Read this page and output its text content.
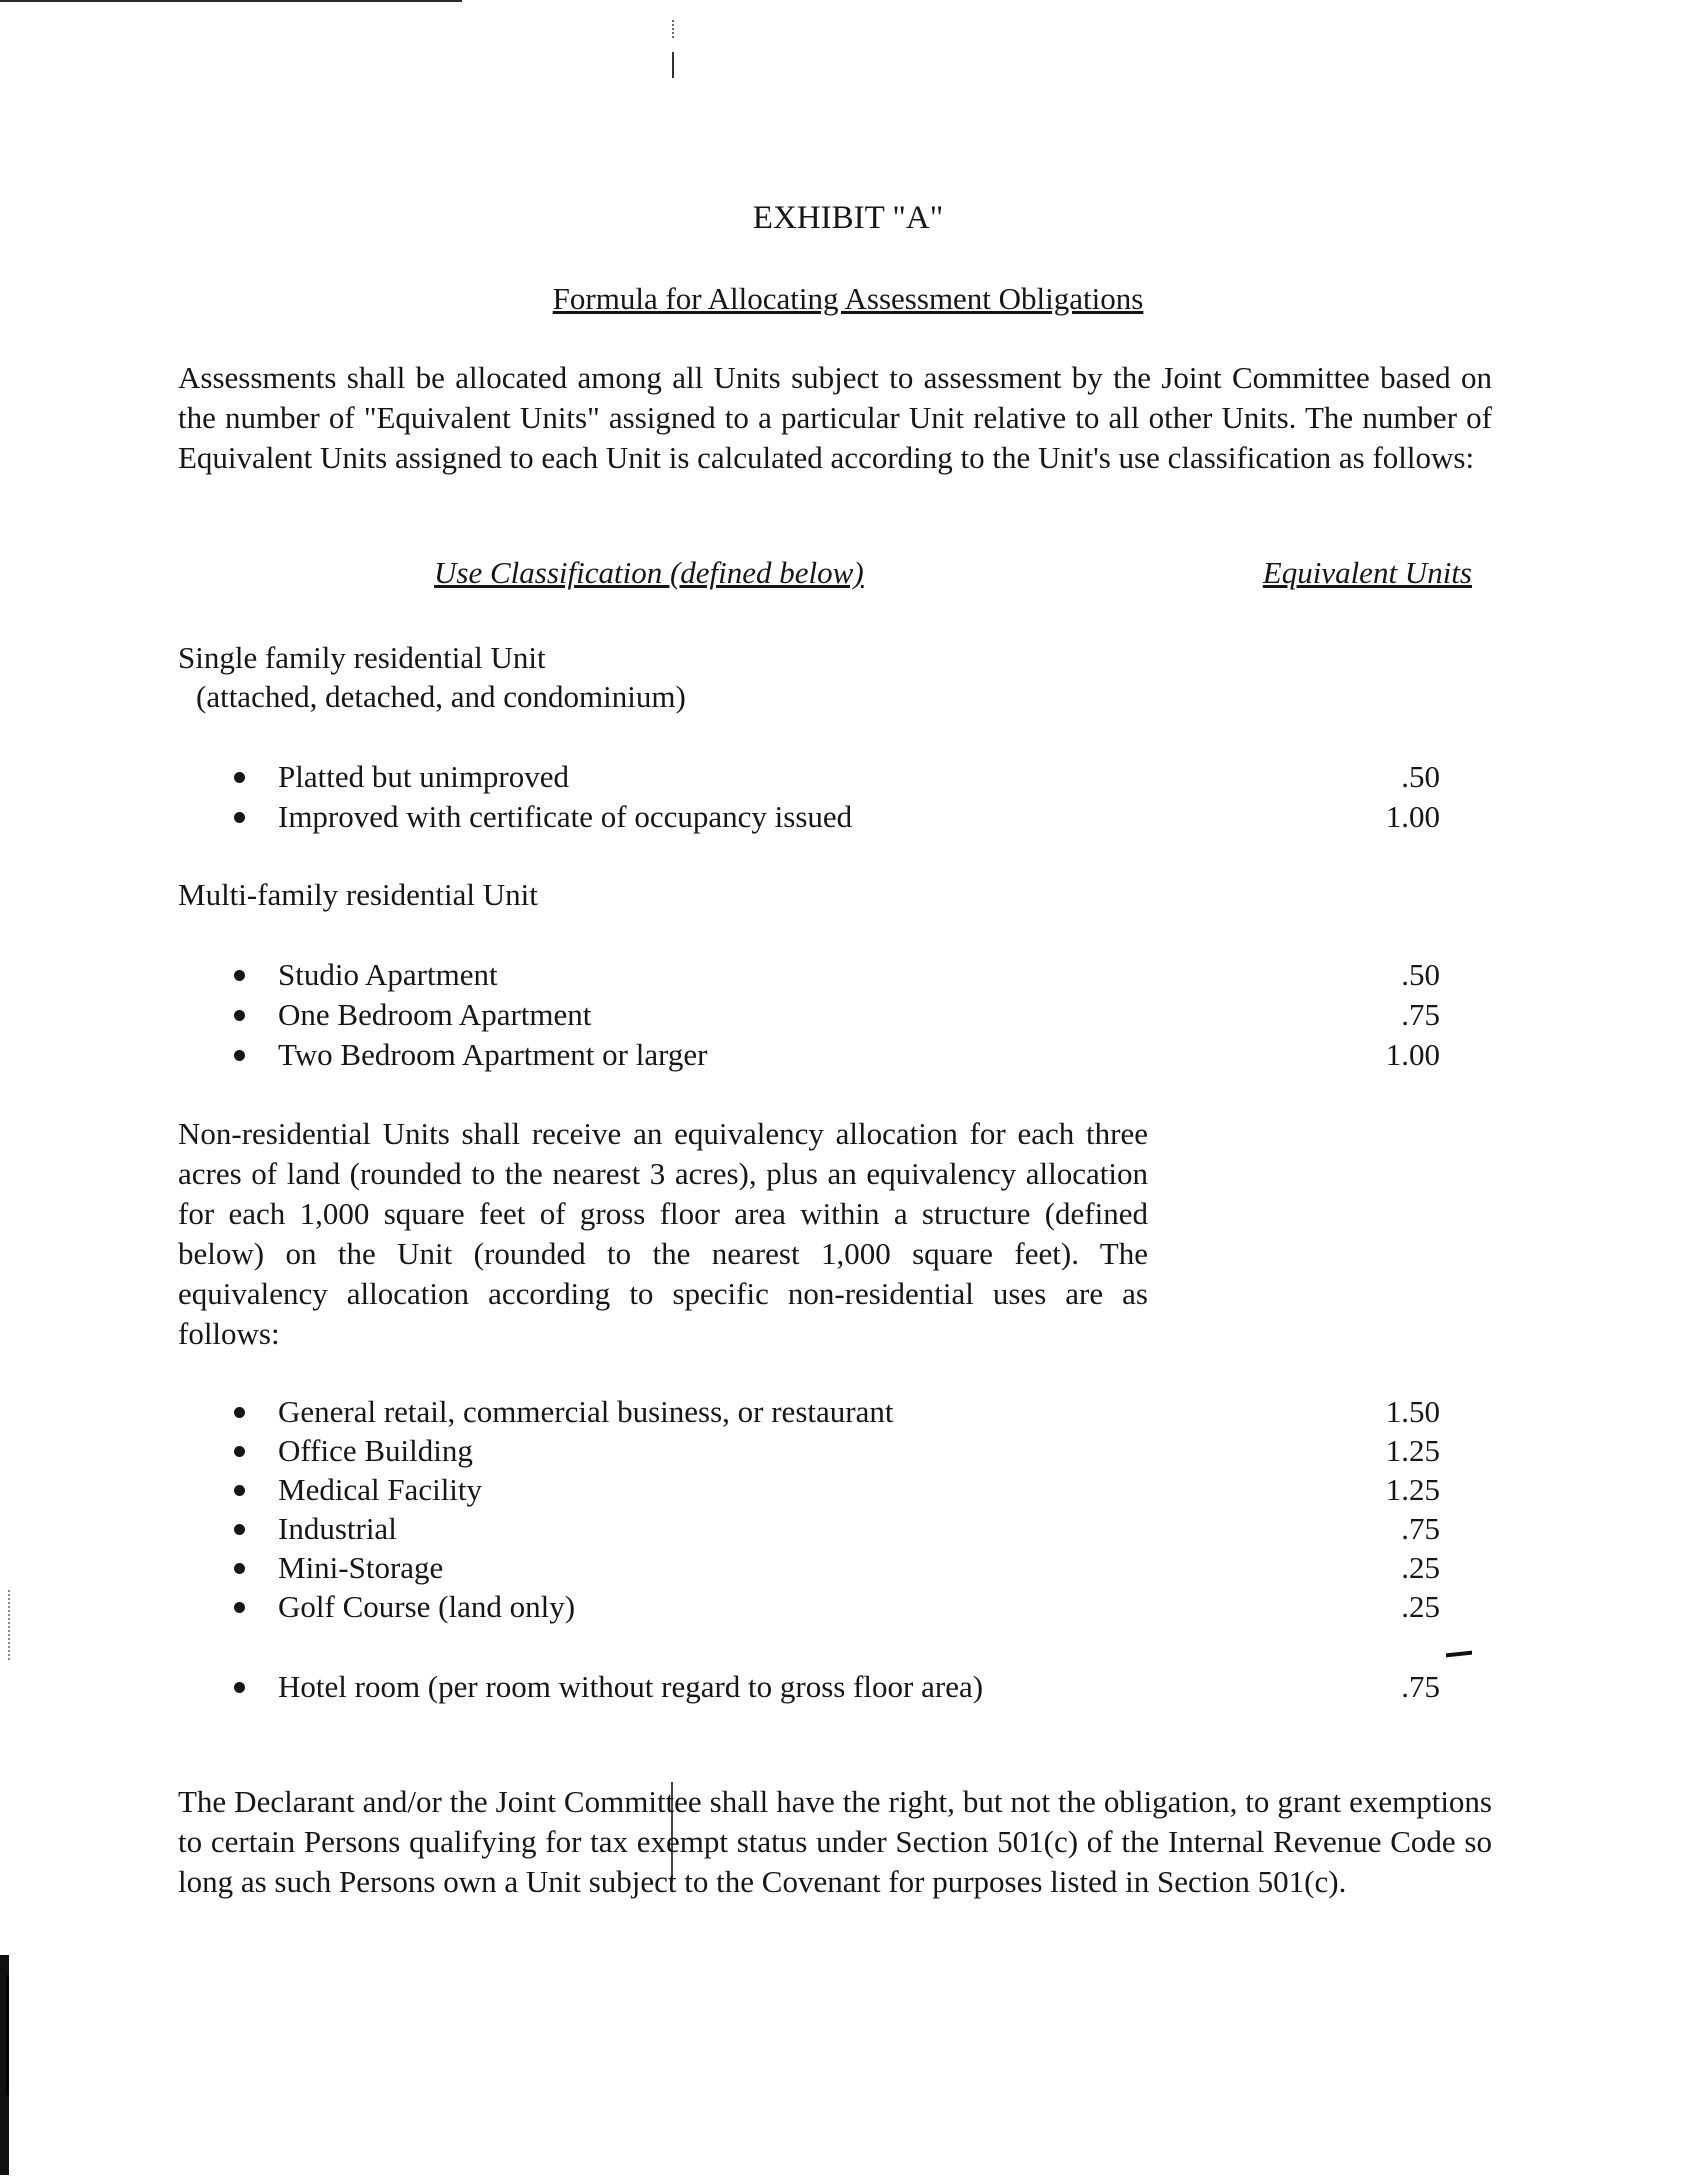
EXHIBIT "A"
Formula for Allocating Assessment Obligations

Assessments shall be allocated among all Units subject to assessment by the Joint Committee based on the number of "Equivalent Units" assigned to a particular Unit relative to all other Units. The number of Equivalent Units assigned to each Unit is calculated according to the Unit's use classification as follows:

Use Classification (defined below)	Equivalent Units

Single family residential Unit

(attached, detached, and condominium)

Platted but unimproved	.50
Improved with certificate of occupancy issued	1.00

Multi-family residential Unit

Studio Apartment	.50
One Bedroom Apartment	.75
Two Bedroom Apartment or larger	1.00

Non-residential Units shall receive an equivalency allocation for each three acres of land (rounded to the nearest 3 acres), plus an equivalency allocation for each 1,000 square feet of gross floor area within a structure (defined below) on the Unit (rounded to the nearest 1,000 square feet). The equivalency allocation according to specific non-residential uses are as follows:

General retail, commercial business, or restaurant	1.50
Office Building	1.25
Medical Facility	1.25
Industrial	.75
Mini-Storage	.25
Golf Course (land only)	.25
Hotel room (per room without regard to gross floor area)	.75

The Declarant and/or the Joint Committee shall have the right, but not the obligation, to grant exemptions to certain Persons qualifying for tax exempt status under Section 501(c) of the Internal Revenue Code so long as such Persons own a Unit subject to the Covenant for purposes listed in Section 501(c).
